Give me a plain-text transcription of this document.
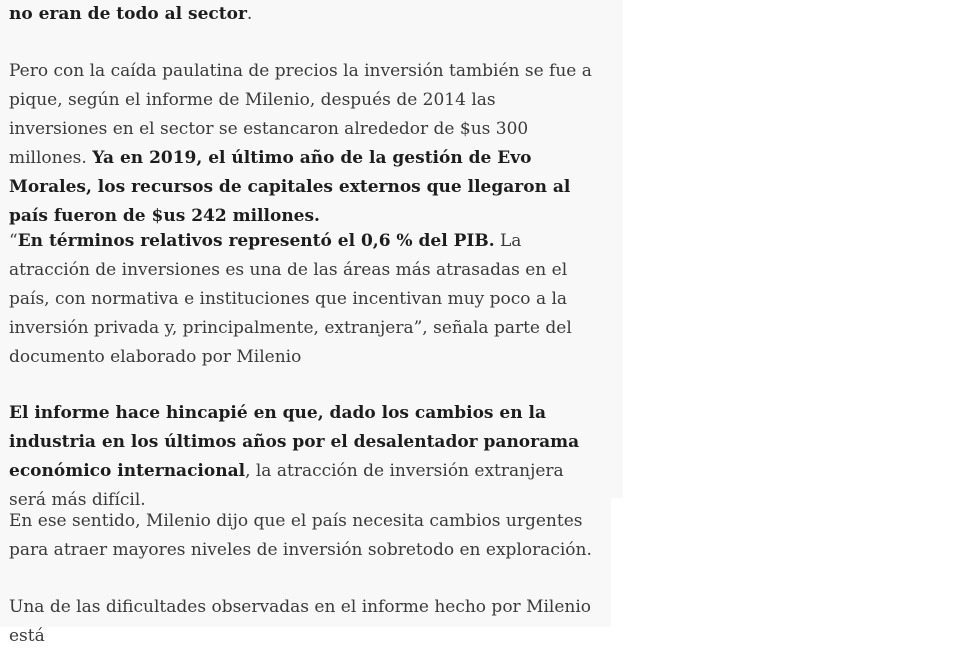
no eran de todo al sector.

Pero con la caída paulatina de precios la inversión también se fue a pique, según el informe de Milenio, después de 2014 las inversiones en el sector se estancaron alrededor de $us 300 millones. Ya en 2019, el último año de la gestión de Evo Morales, los recursos de capitales externos que llegaron al país fueron de $us 242 millones.

“En términos relativos representó el 0,6 % del PIB. La atracción de inversiones es una de las áreas más atrasadas en el país, con normativa e instituciones que incentivan muy poco a la inversión privada y, principalmente, extranjera”, señala parte del documento elaborado por Milenio

El informe hace hincapié en que, dado los cambios en la industria en los últimos años por el desalentador panorama económico internacional, la atracción de inversión extranjera será más difícil.

En ese sentido, Milenio dijo que el país necesita cambios urgentes para atraer mayores niveles de inversión sobretodo en exploración.

Una de las dificultades observadas en el informe hecho por Milenio está
